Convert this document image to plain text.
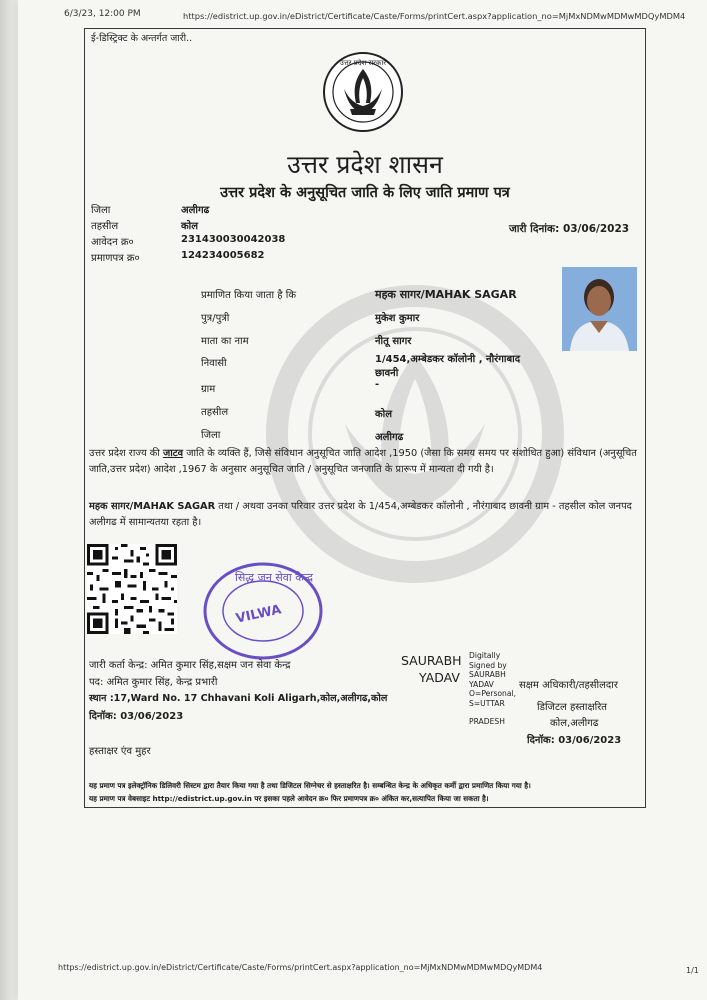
6/3/23, 12:00 PM	https://edistrict.up.gov.in/eDistrict/Certificate/Caste/Forms/printCert.aspx?application_no=MjMxNDMwMDMwMDQyMDM4
ई-डिस्ट्रिक्ट के अन्तर्गत जारी..
उत्तर प्रदेश सरकार
उत्तर प्रदेश शासन
उत्तर प्रदेश के अनुसूचित जाति के लिए जाति प्रमाण पत्र
जिला	अलीगढ
तहसील	कोल
आवेदन क्र०	231430030042038
प्रमाणपत्र क्र०	124234005682
जारी दिनांक: 03/06/2023
प्रमाणित किया जाता है कि	महक सागर/MAHAK SAGAR
पुत्र/पुत्री	मुकेश कुमार
माता का नाम	नीतू सागर
निवासी	1/454,अम्बेडकर कॉलोनी , नौरंगाबाद
छावनी
ग्राम	-
तहसील	कोल
जिला	अलीगढ
उत्तर प्रदेश राज्य की जाटव जाति के व्यक्ति हैं, जिसे संविधान अनुसूचित जाति आदेश ,1950 (जैसा कि समय समय पर संशोधित हुआ) संविधान (अनुसूचित जाति,उत्तर प्रदेश) आदेश ,1967 के अनुसार अनुसूचित जाति / अनुसूचित जनजाति के प्रारूप में मान्यता दी गयी है।
महक सागर/MAHAK SAGAR तथा / अथवा उनका परिवार उत्तर प्रदेश के 1/454,अम्बेडकर कॉलोनी , नौरंगाबाद छावनी ग्राम - तहसील कोल जनपद अलीगढ में सामान्यतया रहता है।
सिद्ध जन सेवा केन्द्र
VILWA
जारी कर्ता केन्द्र: अमित कुमार सिंह,सक्षम जन सेवा केन्द्र
पद: अमित कुमार सिंह, केन्द्र प्रभारी
स्थान :17,Ward No. 17 Chhavani Koli Aligarh,कोल,अलीगढ,कोल
दिनॉक: 03/06/2023
SAURABH
YADAV
Digitally
Signed by
SAURABH
YADAV
O=Personal,
S=UTTAR
PRADESH
सक्षम अधिकारी/तहसीलदार
डिजिटल हस्ताक्षरित
कोल,अलीगढ
दिनॉक: 03/06/2023
हस्ताक्षर एंव मुहर
यह प्रमाण पत्र इलेक्ट्रॉनिक डिलिवरी सिस्टम द्वारा तैयार किया गया है तथा डिजिटल सिग्नेचर से हस्ताक्षरित है। सम्बन्धित केन्द्र के अधिकृत कर्मी द्वारा प्रमाणित किया गया है।
यह प्रमाण पत्र वेबसाइट http://edistrict.up.gov.in पर इसका पहले आवेदन क्र० फिर प्रमाणपत्र क्र० अंकित कर,सत्यापित किया जा सकता है।
https://edistrict.up.gov.in/eDistrict/Certificate/Caste/Forms/printCert.aspx?application_no=MjMxNDMwMDMwMDQyMDM4	1/1
